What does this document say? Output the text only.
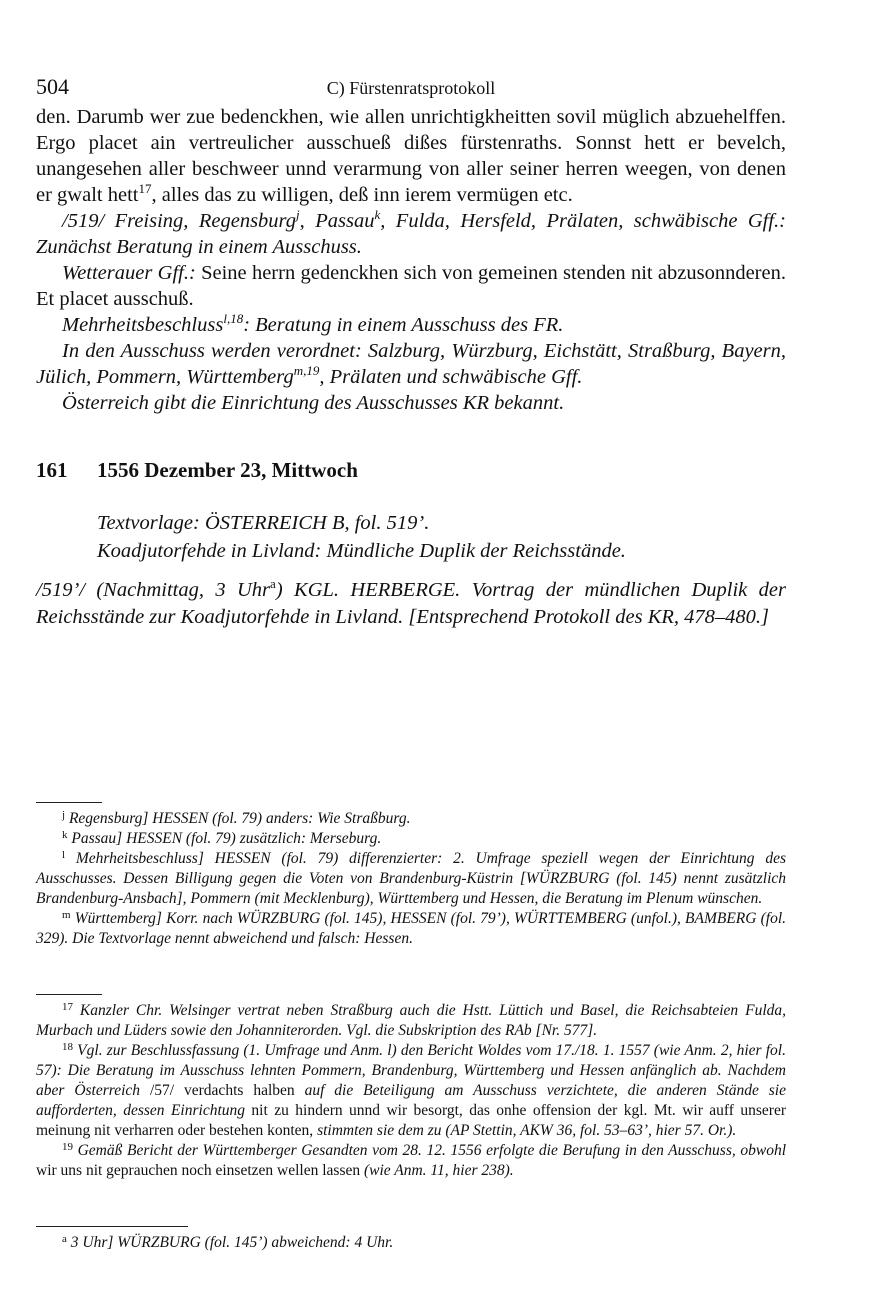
504	C) Fürstenratsprotokoll

den. Darumb wer zue bedenckhen, wie allen unrichtigkheitten sovil müglich abzuehelffen. Ergo placet ain vertreulicher ausschueß dißes fürstenraths. Sonnst hett er bevelch, unangesehen aller beschweer unnd verarmung von aller seiner herren weegen, von denen er gwalt hett$^{17}$, alles das zu willigen, deß inn ierem vermügen etc.

/519/ Freising, Regensburg$^j$, Passau$^k$, Fulda, Hersfeld, Prälaten, schwäbische Gff.: Zunächst Beratung in einem Ausschuss.

Wetterauer Gff.: Seine herrn gedenckhen sich von gemeinen stenden nit abzusonnderen. Et placet ausschuß.

Mehrheitsbeschluss$^{l,18}$: Beratung in einem Ausschuss des FR.

In den Ausschuss werden verordnet: Salzburg, Würzburg, Eichstätt, Straßburg, Bayern, Jülich, Pommern, Württemberg$^{m,19}$, Prälaten und schwäbische Gff.

Österreich gibt die Einrichtung des Ausschusses KR bekannt.

161 1556 Dezember 23, Mittwoch
Textvorlage: ÖSTERREICH B, fol. 519’.
Koadjutorfehde in Livland: Mündliche Duplik der Reichsstände.
/519’/ (Nachmittag, 3 Uhr$^a$) KGL. HERBERGE. Vortrag der mündlichen Duplik der Reichsstände zur Koadjutorfehde in Livland. [Entsprechend Protokoll des KR, 478–480.]

$^j$ Regensburg] HESSEN (fol. 79) anders: Wie Straßburg.

$^k$ Passau] HESSEN (fol. 79) zusätzlich: Merseburg.

$^l$ Mehrheitsbeschluss] HESSEN (fol. 79) differenzierter: 2. Umfrage speziell wegen der Einrichtung des Ausschusses. Dessen Billigung gegen die Voten von Brandenburg-Küstrin [WÜRZBURG (fol. 145) nennt zusätzlich Brandenburg-Ansbach], Pommern (mit Mecklenburg), Württemberg und Hessen, die Beratung im Plenum wünschen.

$^m$ Württemberg] Korr. nach WÜRZBURG (fol. 145), HESSEN (fol. 79’), WÜRTTEMBERG (unfol.), BAMBERG (fol. 329). Die Textvorlage nennt abweichend und falsch: Hessen.

$^{17}$ Kanzler Chr. Welsinger vertrat neben Straßburg auch die Hstt. Lüttich und Basel, die Reichsabteien Fulda, Murbach und Lüders sowie den Johanniterorden. Vgl. die Subskription des RAb [Nr. 577].

$^{18}$ Vgl. zur Beschlussfassung (1. Umfrage und Anm. l) den Bericht Woldes vom 17./18. 1. 1557 (wie Anm. 2, hier fol. 57): Die Beratung im Ausschuss lehnten Pommern, Brandenburg, Württemberg und Hessen anfänglich ab. Nachdem aber Österreich /57/ verdachts halben auf die Beteiligung am Ausschuss verzichtete, die anderen Stände sie aufforderten, dessen Einrichtung nit zu hindern unnd wir besorgt, das onhe offension der kgl. Mt. wir auff unserer meinung nit verharren oder bestehen konten, stimmten sie dem zu (AP Stettin, AKW 36, fol. 53–63’, hier 57. Or.).

$^{19}$ Gemäß Bericht der Württemberger Gesandten vom 28. 12. 1556 erfolgte die Berufung in den Ausschuss, obwohl wir uns nit geprauchen noch einsetzen wellen lassen (wie Anm. 11, hier 238).

$^a$ 3 Uhr] WÜRZBURG (fol. 145’) abweichend: 4 Uhr.
